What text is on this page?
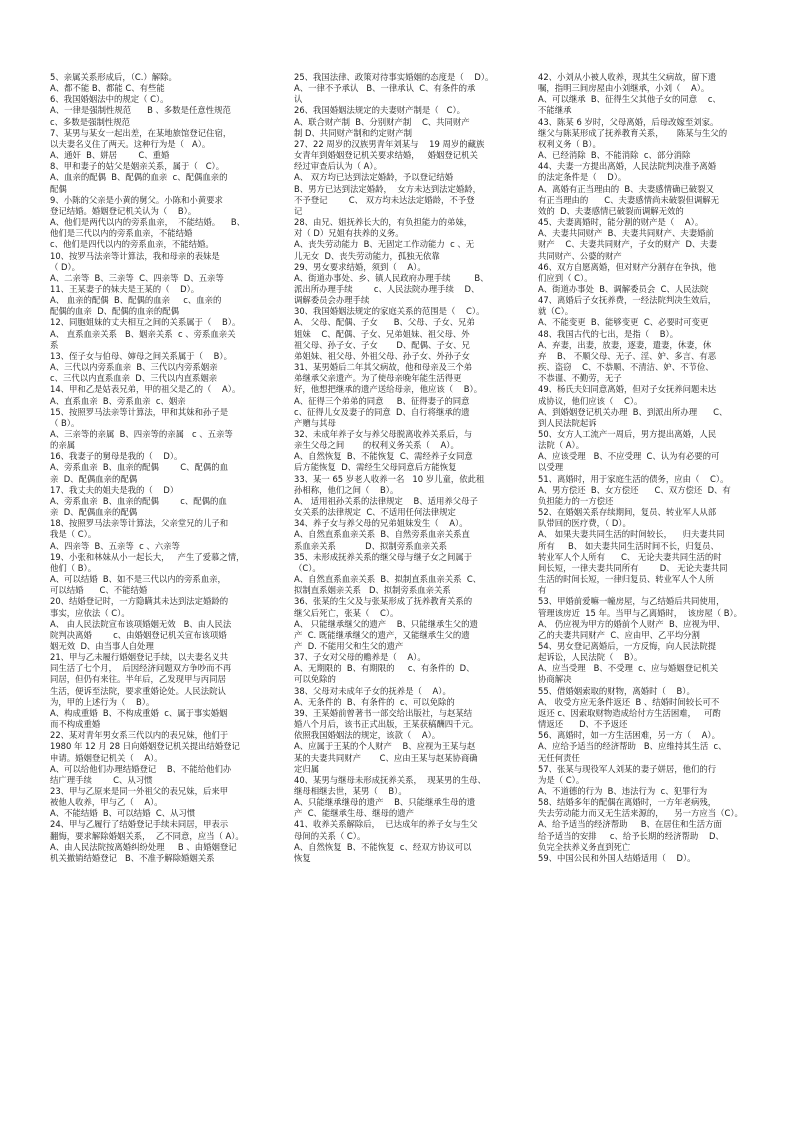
5、亲属关系形成后，（C.）解除。
A、都不能 B、都能 C、有些能
6、我国婚姻法中的规定（ C）。
A、一律是强制性规范      B 、多数是任意性规范
c、多数是强制性规范
7、某男与某女一起出差，在某地旅馆登记住宿，
以夫妻名义住了两天。这种行为是（   A）。
A、通奸  B、姘居        C、重婚
8、甲和妻子的姑父是姻亲关系，属于（   C）。
A、血亲的配偶  B、配偶的血亲  c、配偶血亲的
配偶
9、小陈的父亲是小黄的舅父。小陈和小黄要求
登记结婚。婚姻登记机关认为（    B）。
A、他们是两代以内的旁系血亲，  不能结婚。    B、
他们是三代以内的旁系血亲，不能结婚
c、他们是四代以内的旁系血亲，不能结婚。
10、按罗马法亲等计算法，我和母亲的表妹是
（ D）。
A、二亲等  B、三亲等  C、四亲等  D、五亲等
11、王某妻子的妹夫是王某的（    D）。
A、 血亲的配偶  B、配偶的血亲     c、血亲的
配偶的血亲  D、配偶的血亲的配偶
12、同胞姐妹的丈夫相互之间的关系属于（    B）。
A、 直系血亲关系   B、姻亲关系  c 、旁系血亲关
系
13、侄子女与伯母、婶母之间关系属于（    B）。
A、三代以内旁系血亲  B、三代以内旁系姻亲
c、三代以内直系血亲  D、三代以内直系姻亲
14、甲和乙是姑表兄弟，甲的祖父是乙的（    A）。
A、直系血亲  B、旁系血亲  c、姻亲
15、按照罗马法亲等计算法，甲和其妹和孙子是
（ B）。
A、三亲等的亲属  B、四亲等的亲属   c 、五亲等
的亲属
16、我妻子的舅母是我的（    D）。
A、旁系血亲  B、血亲的配偶        C、配偶的血
亲  D、配偶血亲的配偶
17、我丈夫的姐夫是我的（    D）
A、旁系血亲  B、血亲的配偶        c、配偶的血
亲  D、配偶血亲的配偶
18、按照罗马法亲等计算法，父亲堂兄的儿子和
我是（ C）。
A、四亲等  B、五亲等  c 、六亲等
19、小张和林妹从小一起长大，   产生了爱慕之情，
他们（ B）。
A、可以结婚  B、如不是三代以内的旁系血亲，
可以结婚      C、不能结婚
20、结婚登记时，一方隐瞒其未达到法定婚龄的
事实，应依法（ C）。
A、 由人民法院宣布该项婚姻无效   B、由人民法
院判决离婚        c、由婚姻登记机关宣布该项婚
姻无效  D、由当事人自处理
21、甲与乙未履行婚姻登记手续，以夫妻名义共
同生活了七个月，  后因经济问题双方争吵而不再
同居，但仍有来往。半年后，乙发现甲与丙同居
生活，便诉至法院，要求重婚论处。人民法院认
为，甲的上述行为（    B）。
A、构成重婚  B、不构成重婚  c、属于事实婚姻
而不构成重婚
22、某对青年男女系三代以内的表兄妹，他们于
1980 年 12 月 28 日向婚姻登记机关提出结婚登记
申请。婚姻登记机关（    A）。
A、可以给他们办理结婚登记    B、不能给他们办
结广理手续        C、从习惯
23、甲与乙原来是同一外祖父的表兄妹，后来甲
被他人收养，甲与乙（    A）。
A、不能结婚  B、可以结婚  C、从习惯
24、甲与乙履行了结婚登记手续未同居，甲表示
翻悔，要求解除婚姻关系，  乙不同意，应当（ A）。
A、由人民法院按离婚纠纷处理     B 、由婚姻登记
机关撤销结婚登记   B、不准予解除婚姻关系
25、我国法律、政策对待事实婚姻的态度是（    D）。
A、一律不予承认   B、一律承认  C、有条件的承
认
26、我国婚姻法规定的夫妻财产制是（   C）。
A、联合财产制  B、分别财产制    C、共同财产
制 D、共同财产制和约定财产制
27、22 周岁的汉族男青年刘某与    19 周岁的藏族
女青年到婚姻登记机关要求结婚，   婚姻登记机关
经过审查后认为（ A）。
A、 双方均已达到法定婚龄，予以登记结婚
B、男方已达到法定婚龄，  女方未达到法定婚龄，
不予登记        C、 双方均未达法定婚龄，不予登
记
28、由兄、姐抚养长大的，有负担能力的弟妹，
对（ D）兄姐有扶养的义务。
A、丧失劳动能力  B、无固定工作动能力  c 、无
儿无女  D、丧失劳动能力，孤独无依靠
29、男女要求结婚，须到（    A）。
A、街道办事处、乡、镇人民政府办理手续         B、
派出所办理手续        c、人民法院办理手续    D、
调解委员会办理手续
30、我国婚姻法规定的家庭关系的范围是（    C）。
A、 父母、配偶、子女      B、父母、子女、兄弟
姐妹    C、配偶、子女、兄弟姐妹、祖父母、外
祖父母、孙子女、子女       D、配偶、子女、兄
弟姐妹、祖父母、外祖父母、孙子女、外孙子女
31、某男婚后二年其父病故，他和母亲及三个弟
弟继承父亲遗产。为了使母亲晚年能生活得更
好，他想把继承的遗产送给母亲，他应该（    B）。
A、征得三个弟弟的同意     B、征得妻子的同意
c、征得儿女及妻子的同意  D、自行将继承的遗
产赠与其母
32、未成年养子女与养父母脱离收养关系后，与
亲生父母之间       的权利义务关系（    A）。
A、自然恢复  B、不能恢复  C、需经养子女同意
后方能恢复  D、需经生父母同意后方能恢复
33、某一 65 岁老人收养一名   10 岁儿童，依此租
孙相称，他们之间（    B）。
A、 适用祖孙关系的法律规定    B、适用养父母子
女关系的法律规定  C、不适用任何法律规定
34、养子女与养父母的兄弟姐妹发生（    A）。
A、自然直系血亲关系  B、自然旁系血亲关系直
系血亲关系           D、拟制旁系血亲关系
35、未形成抚养关系的继父母与继子女之间属于
（C）。
A、自然直系血亲关系  B、拟制直系血亲关系  C、
拟制直系姻亲关系   D、拟制旁系血亲关系
36、张某的生父及与张某形成了抚养教育关系的
继父后死亡，张某（    C）。
A、 只能继承继父的遗产    B、只能继承生父的遗
产  C. 既能继承继父的遗产，又能继承生父的遗
产  D. 不能用父和生父的遗产
37、子女对父母的赡养是（    A）。
A、无期限的  B、有期限的     c、有条件的  D、
可以免除的
38、父母对未成年子女的抚养是（    A）。
A、无条件的  B、有条件的  c、可以免除的
39、王某婚前曾著书一部交给出版社，与赵某结
婚八个月后，该书正式出版，王某获稿酬四千元。
依照我国婚姻法的规定，该款（    A）。
A、应属于王某的个人财产    B、应视为王某与赵
某的夫妻共同财产       C、应由王某与赵某协商确
定归属
40、某男与继母未形成抚养关系，  现某男的生母、
继母相继去世，某男（    B）。
A、只能继承继母的遗产    B、只能继承生母的遗
产  C、能继承生母、继母的遗产
41、收养关系解除后，  已达成年的养子女与生父
母间的关系（ C）。
A、自然恢复  B、不能恢复  c、经双方协议可以
恢复
42、小刘从小被人收养，现其生父病故，留下遗
嘱，指明三间房屋由小刘继承，小刘（    A）。
A、可以继承  B、征得生父其他子女的同意    c、
不能继承
43、陈某 6 岁时，父母离婚，后母改嫁至刘家。
继父与陈某形成了抚养教育关系，     陈某与生父的
权利义务（ B）。
A、已经消除  B、不能消除  c、部分消除
44、夫妻一方提出离婚，人民法院判决准予离婚
的法定条件是（    D）。
A、离婚有正当理由的  B、夫妻感情确已破裂又
有正当理由的      C、夫妻感情尚未破裂但调解无
效的  D、夫妻感情已破裂而调解无效的
45、夫妻离婚时，能分割的财产是（    A）。
A、夫妻共同财产  B、夫妻共同财产、夫妻婚前
财产    C、夫妻共同财产，子女的财产  D、夫妻
共同财产、公婆的财产
46、双方自愿离婚，但对财产分割存在争执，他
们应到（ C）。
A、街道办事处  B、调解委员会  C、人民法院
47、离婚后子女抚养费，一经法院判决生效后，
就（C）。
A、不能变更  B、能够变更  C、必要时可变更
48、我国古代的七出，是指（    B）。
A、弃妻，出妻，放妻，逐妻，遣妻，休妻，休
弃    B、 不顺父母、无子、淫、妒、多言、有恶
疾、盗窃    C、不恭顺、不清洁、妒、不节俭、
不恭谨、不勤劳，无子
49、杨氏夫妇同意离婚，但对子女抚养问题未达
成协议，他们应该（    C）。
A、到婚姻登记机关办理  B、到派出所办理      C、
到人民法院起诉
50、女方人工流产一周后，男方提出离婚，人民
法院（ A）。
A、应该受理   B、不应受理  C、认为有必要的可
以受理
51、离婚时，用于家庭生活的债务，应由（    C）。
A、男方偿还  B、女方偿还      C、双方偿还  D、有
负担能力的一方偿还
52、在婚姻关系存续期间，复员、转业军人从部
队带回的医疗费，（ D）。
A、 如果夫妻共同生活的时间较长，    归夫妻共同
所有     B、 如夫妻共同生活时间不长，归复员、
转业军人个人所有      C、 无论夫妻共同生活的时
间长短，一律夫妻共同所有        D、 无论夫妻共同
生活的时间长短，一律归复员、转业军人个人所
有
53、甲婚前爱嘛一幢房屋，与乙结婚后共同使用，
管理该房近  15 年。当甲与乙离婚时，  该房屋（ B）。
A、 仍应视为甲方的婚前个人财产  B、应视为甲、
乙的夫妻共同财产  C、应由甲、乙平均分割
54、男女登记离婚后，一方反悔，向人民法院提
起诉讼，人民法院（    B）。
A、应当受理   B、不受理  c、应与婚姻登记机关
协商解决
55、借婚姻索取的财物，离婚时（    B）。
A、 收受方应无条件返还  B 、结婚时间较长可不
返还 c、因索取财物造成给付方生活困难，   可酌
情返还      D、不予返还
56、离婚时，如一方生活困难，另一方（    A）。
A、应给予适当的经济帮助   B、应维持其生活  c、
无任何责任
57、张某与现役军人刘某的妻子姘居，他们的行
为是（ C）。
A、不道德的行为  B、违法行为  c、犯罪行为
58、结婚多年的配偶在离婚时，一方年老病残，
失去劳动能力而又无生活来源的，    另一方应当（C）。
A、给予适当的经济帮助     B、在居住和生活方面
给予适当的安排     c、给予长期的经济帮助    D、
负完全扶养义务直到死亡
59、中国公民和外国人结婚适用（    D）。
